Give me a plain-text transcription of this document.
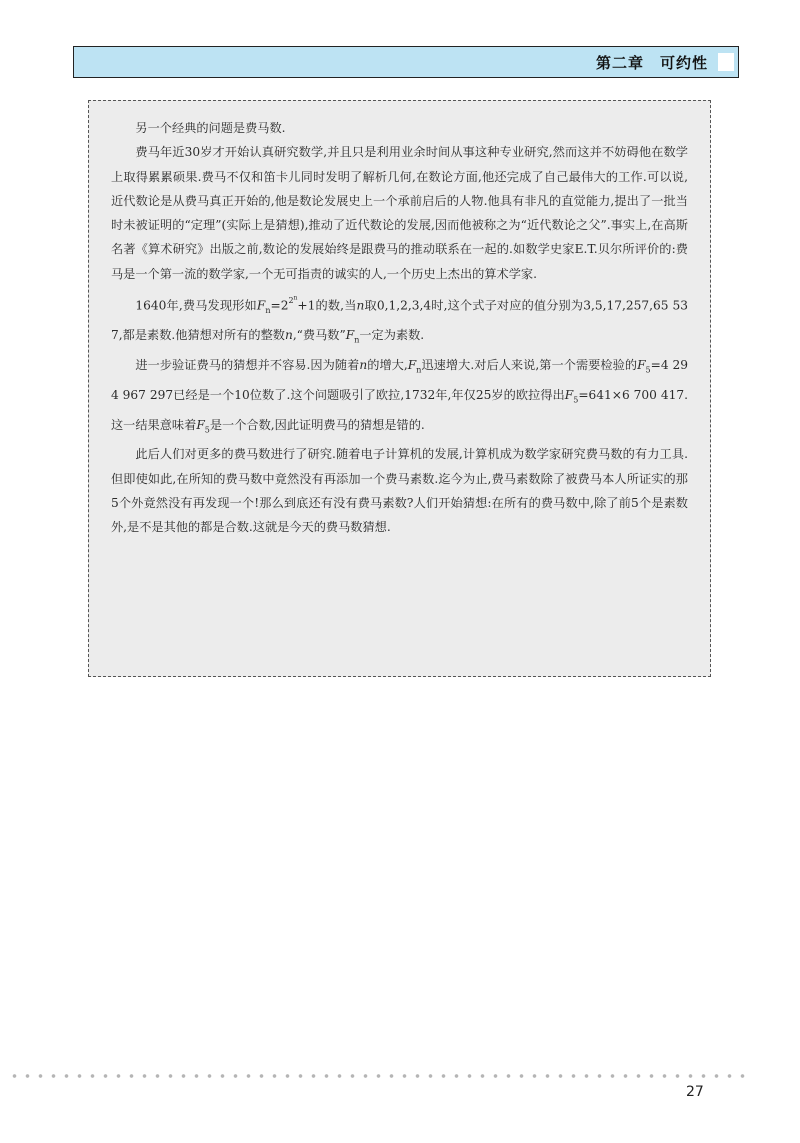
第二章　可约性

另一个经典的问题是费马数.

费马年近30岁才开始认真研究数学,并且只是利用业余时间从事这种专业研究,然而这并不妨碍他在数学上取得累累硕果.费马不仅和笛卡儿同时发明了解析几何,在数论方面,他还完成了自己最伟大的工作.可以说,近代数论是从费马真正开始的,他是数论发展史上一个承前启后的人物.他具有非凡的直觉能力,提出了一批当时未被证明的“定理”(实际上是猜想),推动了近代数论的发展,因而他被称之为“近代数论之父”.事实上,在高斯名著《算术研究》出版之前,数论的发展始终是跟费马的推动联系在一起的.如数学史家E.T.贝尔所评价的:费马是一个第一流的数学家,一个无可指责的诚实的人,一个历史上杰出的算术学家.

1640年,费马发现形如$F_n=2^{2^n}+1$的数,当n取0,1,2,3,4时,这个式子对应的值分别为3,5,17,257,65 537,都是素数.他猜想对所有的整数n,“费马数$”F_n$一定为素数.

进一步验证费马的猜想并不容易.因为随着n的增大$,F_n$迅速增大.对后人来说,第一个需要检验的$F_5=4$ 294 967 297已经是一个10位数了.这个问题吸引了欧拉,1732年,年仅25岁的欧拉得出$F_5=641\times 6$ 700 417.这一结果意味着$F_5$是一个合数,因此证明费马的猜想是错的.

此后人们对更多的费马数进行了研究.随着电子计算机的发展,计算机成为数学家研究费马数的有力工具.但即使如此,在所知的费马数中竟然没有再添加一个费马素数.迄今为止,费马素数除了被费马本人所证实的那5个外竟然没有再发现一个!那么到底还有没有费马素数?人们开始猜想:在所有的费马数中,除了前5个是素数外,是不是其他的都是合数.这就是今天的费马数猜想.

27
